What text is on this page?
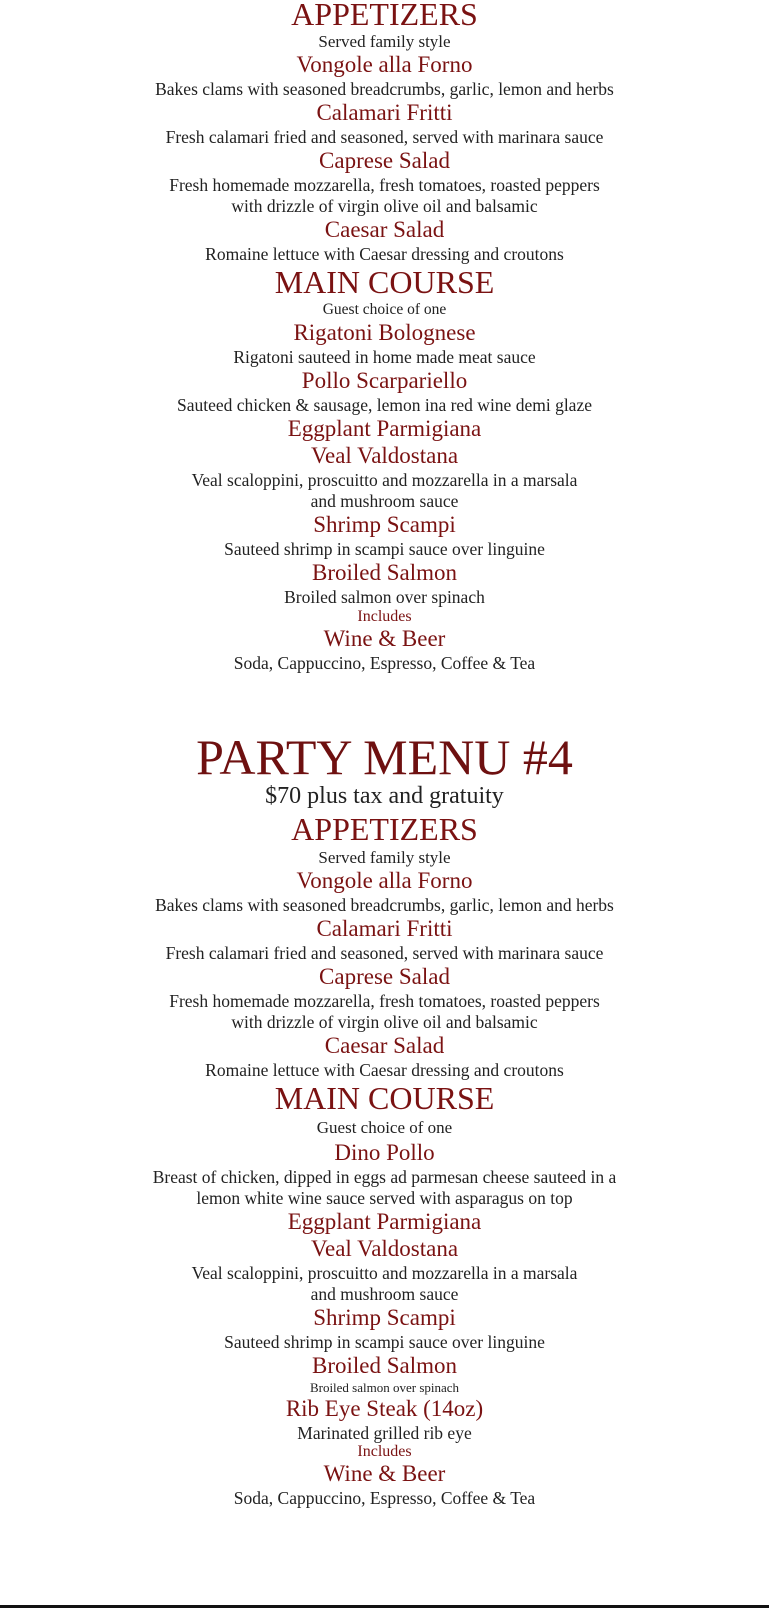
APPETIZERS
Served family style
Vongole alla Forno
Bakes clams with seasoned breadcrumbs, garlic, lemon and herbs
Calamari Fritti
Fresh calamari fried and seasoned, served with marinara sauce
Caprese Salad
Fresh homemade mozzarella, fresh tomatoes, roasted peppers
with drizzle of virgin olive oil and balsamic
Caesar Salad
Romaine lettuce with Caesar dressing and croutons
MAIN COURSE
Guest choice of one
Rigatoni Bolognese
Rigatoni sauteed in home made meat sauce
Pollo Scarpariello
Sauteed chicken & sausage, lemon ina red wine demi glaze
Eggplant Parmigiana
Veal Valdostana
Veal scaloppini, proscuitto and mozzarella in a marsala
and mushroom sauce
Shrimp Scampi
Sauteed shrimp in scampi sauce over linguine
Broiled Salmon
Broiled salmon over spinach
Includes
Wine & Beer
Soda, Cappuccino, Espresso, Coffee & Tea
PARTY MENU #4
$70 plus tax and gratuity
APPETIZERS
Served family style
Vongole alla Forno
Bakes clams with seasoned breadcrumbs, garlic, lemon and herbs
Calamari Fritti
Fresh calamari fried and seasoned, served with marinara sauce
Caprese Salad
Fresh homemade mozzarella, fresh tomatoes, roasted peppers
with drizzle of virgin olive oil and balsamic
Caesar Salad
Romaine lettuce with Caesar dressing and croutons
MAIN COURSE
Guest choice of one
Dino Pollo
Breast of chicken, dipped in eggs ad parmesan cheese sauteed in a
lemon white wine sauce served with asparagus on top
Eggplant Parmigiana
Veal Valdostana
Veal scaloppini, proscuitto and mozzarella in a marsala
and mushroom sauce
Shrimp Scampi
Sauteed shrimp in scampi sauce over linguine
Broiled Salmon
Broiled salmon over spinach
Rib Eye Steak (14oz)
Marinated grilled rib eye
Includes
Wine & Beer
Soda, Cappuccino, Espresso, Coffee & Tea
